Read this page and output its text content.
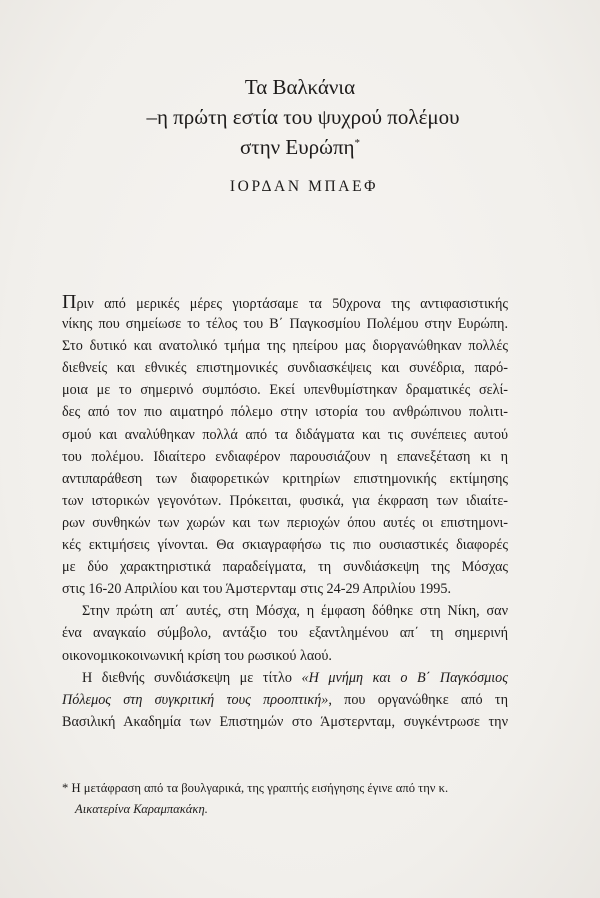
Τα Βαλκάνια
–η πρώτη εστία του ψυχρού πολέμου
στην Ευρώπη*
ΙΟΡΔΑΝ ΜΠΑΕΦ
Πριν από μερικές μέρες γιορτάσαμε τα 50χρονα της αντιφασιστικής
νίκης που σημείωσε το τέλος του Β΄ Παγκοσμίου Πολέμου στην Ευρώπη.
Στο δυτικό και ανατολικό τμήμα της ηπείρου μας διοργανώθηκαν πολλές
διεθνείς και εθνικές επιστημονικές συνδιασκέψεις και συνέδρια, παρό-
μοια με το σημερινό συμπόσιο. Εκεί υπενθυμίστηκαν δραματικές σελί-
δες από τον πιο αιματηρό πόλεμο στην ιστορία του ανθρώπινου πολιτι-
σμού και αναλύθηκαν πολλά από τα διδάγματα και τις συνέπειες αυτού
του πολέμου. Ιδιαίτερο ενδιαφέρον παρουσιάζουν η επανεξέταση κι η
αντιπαράθεση των διαφορετικών κριτηρίων επιστημονικής εκτίμησης
των ιστορικών γεγονότων. Πρόκειται, φυσικά, για έκφραση των ιδιαίτε-
ρων συνθηκών των χωρών και των περιοχών όπου αυτές οι επιστημονι-
κές εκτιμήσεις γίνονται. Θα σκιαγραφήσω τις πιο ουσιαστικές διαφορές
με δύο χαρακτηριστικά παραδείγματα, τη συνδιάσκεψη της Μόσχας
στις 16-20 Απριλίου και του Άμστερνταμ στις 24-29 Απριλίου 1995.
Στην πρώτη απ΄ αυτές, στη Μόσχα, η έμφαση δόθηκε στη Νίκη, σαν
ένα αναγκαίο σύμβολο, αντάξιο του εξαντλημένου απ΄ τη σημερινή
οικονομικοκοινωνική κρίση του ρωσικού λαού.
Η διεθνής συνδιάσκεψη με τίτλο «Η μνήμη και ο Β΄ Παγκόσμιος
Πόλεμος στη συγκριτική τους προοπτική», που οργανώθηκε από τη
Βασιλική Ακαδημία των Επιστημών στο Άμστερνταμ, συγκέντρωσε την
* Η μετάφραση από τα βουλγαρικά, της γραπτής εισήγησης έγινε από την κ.
Αικατερίνα Καραμπακάκη.
